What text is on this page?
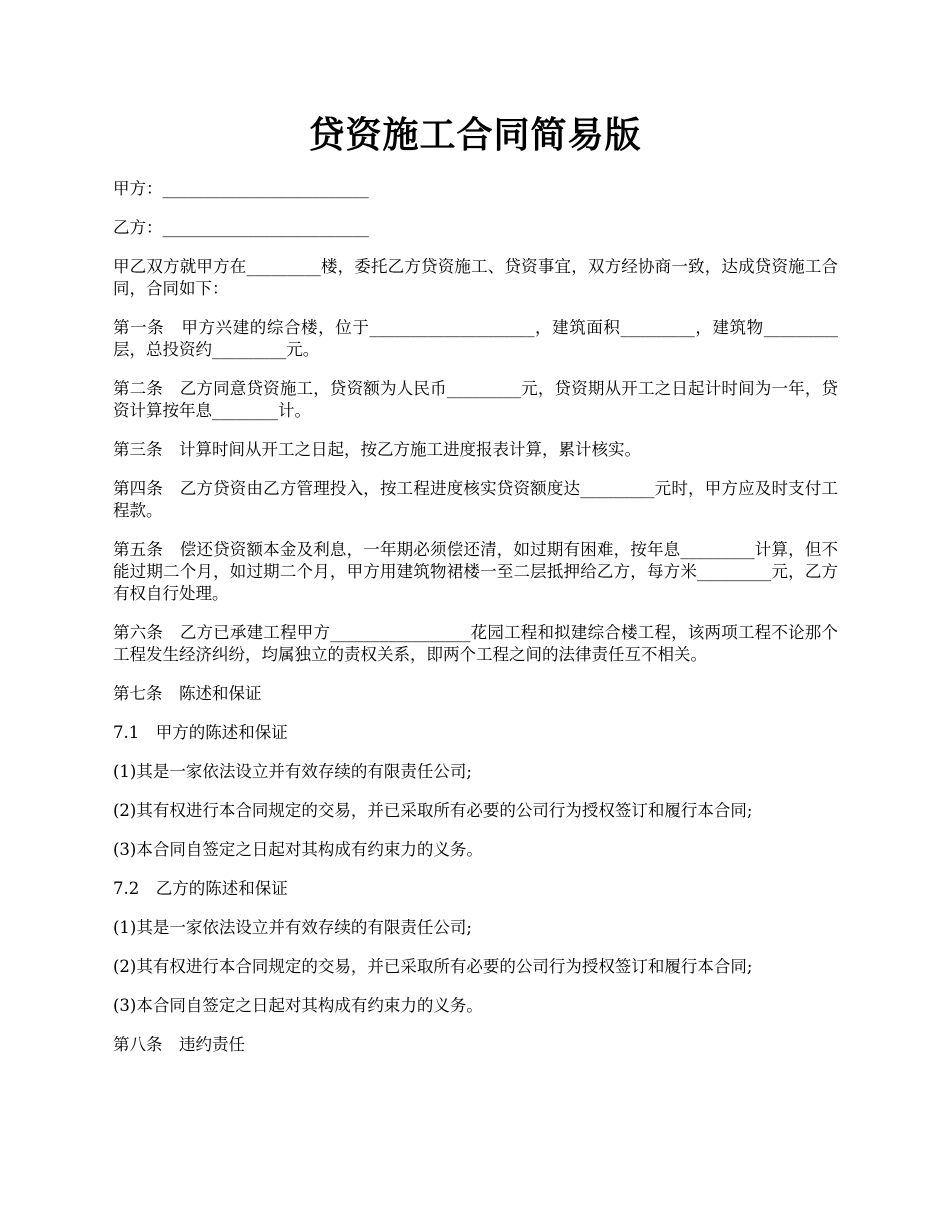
贷资施工合同简易版

甲方：_________________________

乙方：_________________________

甲乙双方就甲方在_________楼，委托乙方贷资施工、贷资事宜，双方经协商一致，达成贷资施工合同，合同如下：

第一条　甲方兴建的综合楼，位于____________________，建筑面积_________，建筑物_________层，总投资约_________元。

第二条　乙方同意贷资施工，贷资额为人民币_________元，贷资期从开工之日起计时间为一年，贷资计算按年息________计。

第三条　计算时间从开工之日起，按乙方施工进度报表计算，累计核实。

第四条　乙方贷资由乙方管理投入，按工程进度核实贷资额度达_________元时，甲方应及时支付工程款。

第五条　偿还贷资额本金及利息，一年期必须偿还清，如过期有困难，按年息_________计算，但不能过期二个月，如过期二个月，甲方用建筑物裙楼一至二层抵押给乙方，每方米_________元，乙方有权自行处理。

第六条　乙方已承建工程甲方_________________花园工程和拟建综合楼工程，该两项工程不论那个工程发生经济纠纷，均属独立的责权关系，即两个工程之间的法律责任互不相关。

第七条　陈述和保证

7.1　甲方的陈述和保证

(1)其是一家依法设立并有效存续的有限责任公司;

(2)其有权进行本合同规定的交易，并已采取所有必要的公司行为授权签订和履行本合同;

(3)本合同自签定之日起对其构成有约束力的义务。

7.2　乙方的陈述和保证

(1)其是一家依法设立并有效存续的有限责任公司;

(2)其有权进行本合同规定的交易，并已采取所有必要的公司行为授权签订和履行本合同;

(3)本合同自签定之日起对其构成有约束力的义务。

第八条　违约责任
